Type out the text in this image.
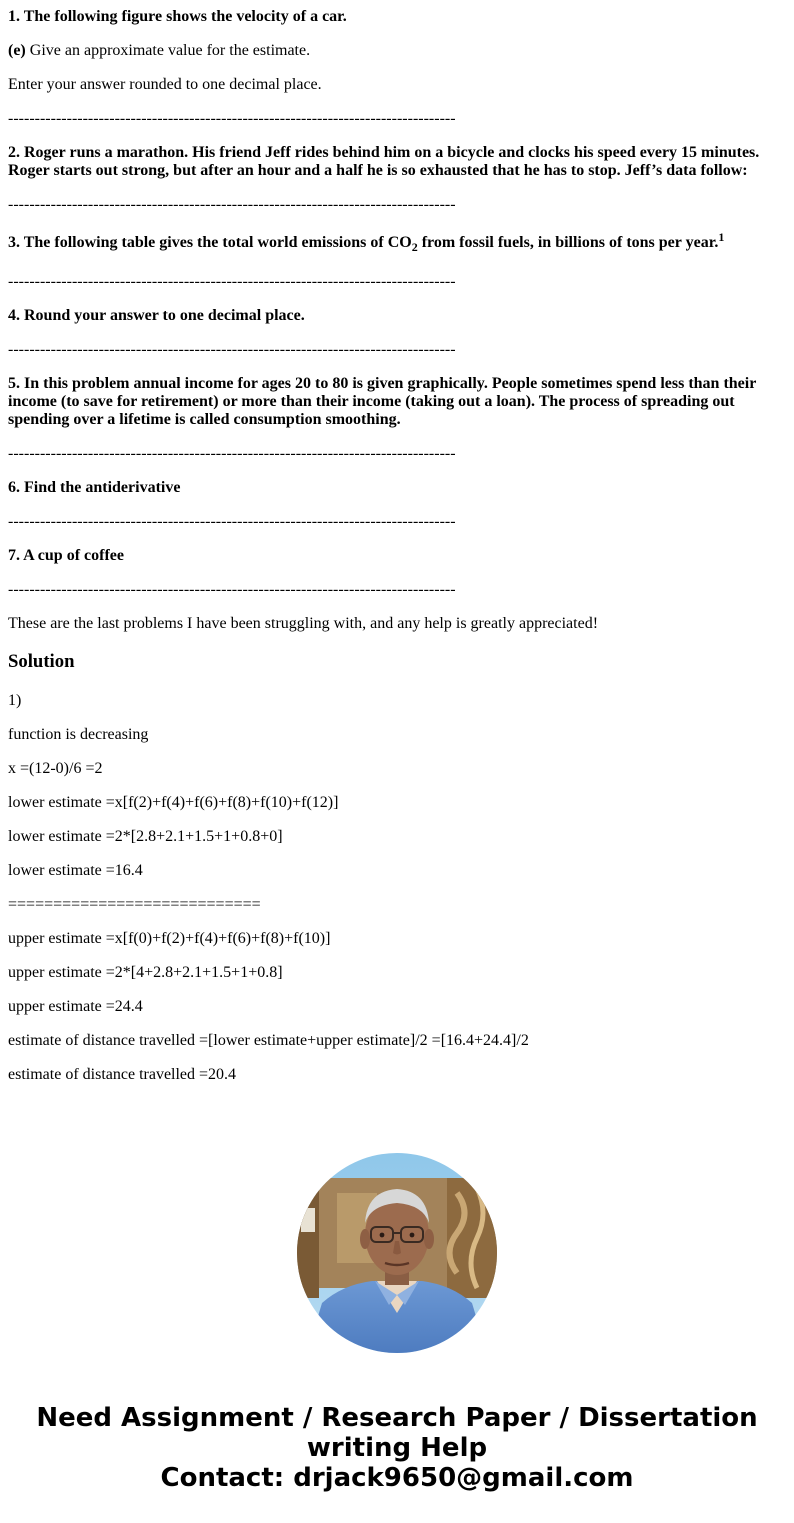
1. The following figure shows the velocity of a car.

(e) Give an approximate value for the estimate.

Enter your answer rounded to one decimal place.

------------------------------------------------------------------------------------

2. Roger runs a marathon. His friend Jeff rides behind him on a bicycle and clocks his speed every 15 minutes. Roger starts out strong, but after an hour and a half he is so exhausted that he has to stop. Jeff’s data follow:

------------------------------------------------------------------------------------

3. The following table gives the total world emissions of $CO_2$ from fossil fuels, in billions of tons per year.$^1$

------------------------------------------------------------------------------------

4. Round your answer to one decimal place.

------------------------------------------------------------------------------------

5. In this problem annual income for ages 20 to 80 is given graphically. People sometimes spend less than their income (to save for retirement) or more than their income (taking out a loan). The process of spreading out spending over a lifetime is called consumption smoothing.

------------------------------------------------------------------------------------

6. Find the antiderivative

------------------------------------------------------------------------------------

7. A cup of coffee

------------------------------------------------------------------------------------

These are the last problems I have been struggling with, and any help is greatly appreciated!

Solution

1)

function is decreasing

x =(12-0)/6 =2

lower estimate =x[f(2)+f(4)+f(6)+f(8)+f(10)+f(12)]

lower estimate =2*[2.8+2.1+1.5+1+0.8+0]

lower estimate =16.4

============================

upper estimate =x[f(0)+f(2)+f(4)+f(6)+f(8)+f(10)]

upper estimate =2*[4+2.8+2.1+1.5+1+0.8]

upper estimate =24.4

estimate of distance travelled =[lower estimate+upper estimate]/2 =[16.4+24.4]/2

estimate of distance travelled =20.4

Need Assignment / Research Paper / Dissertation
writing Help
Contact: drjack9650@gmail.com
